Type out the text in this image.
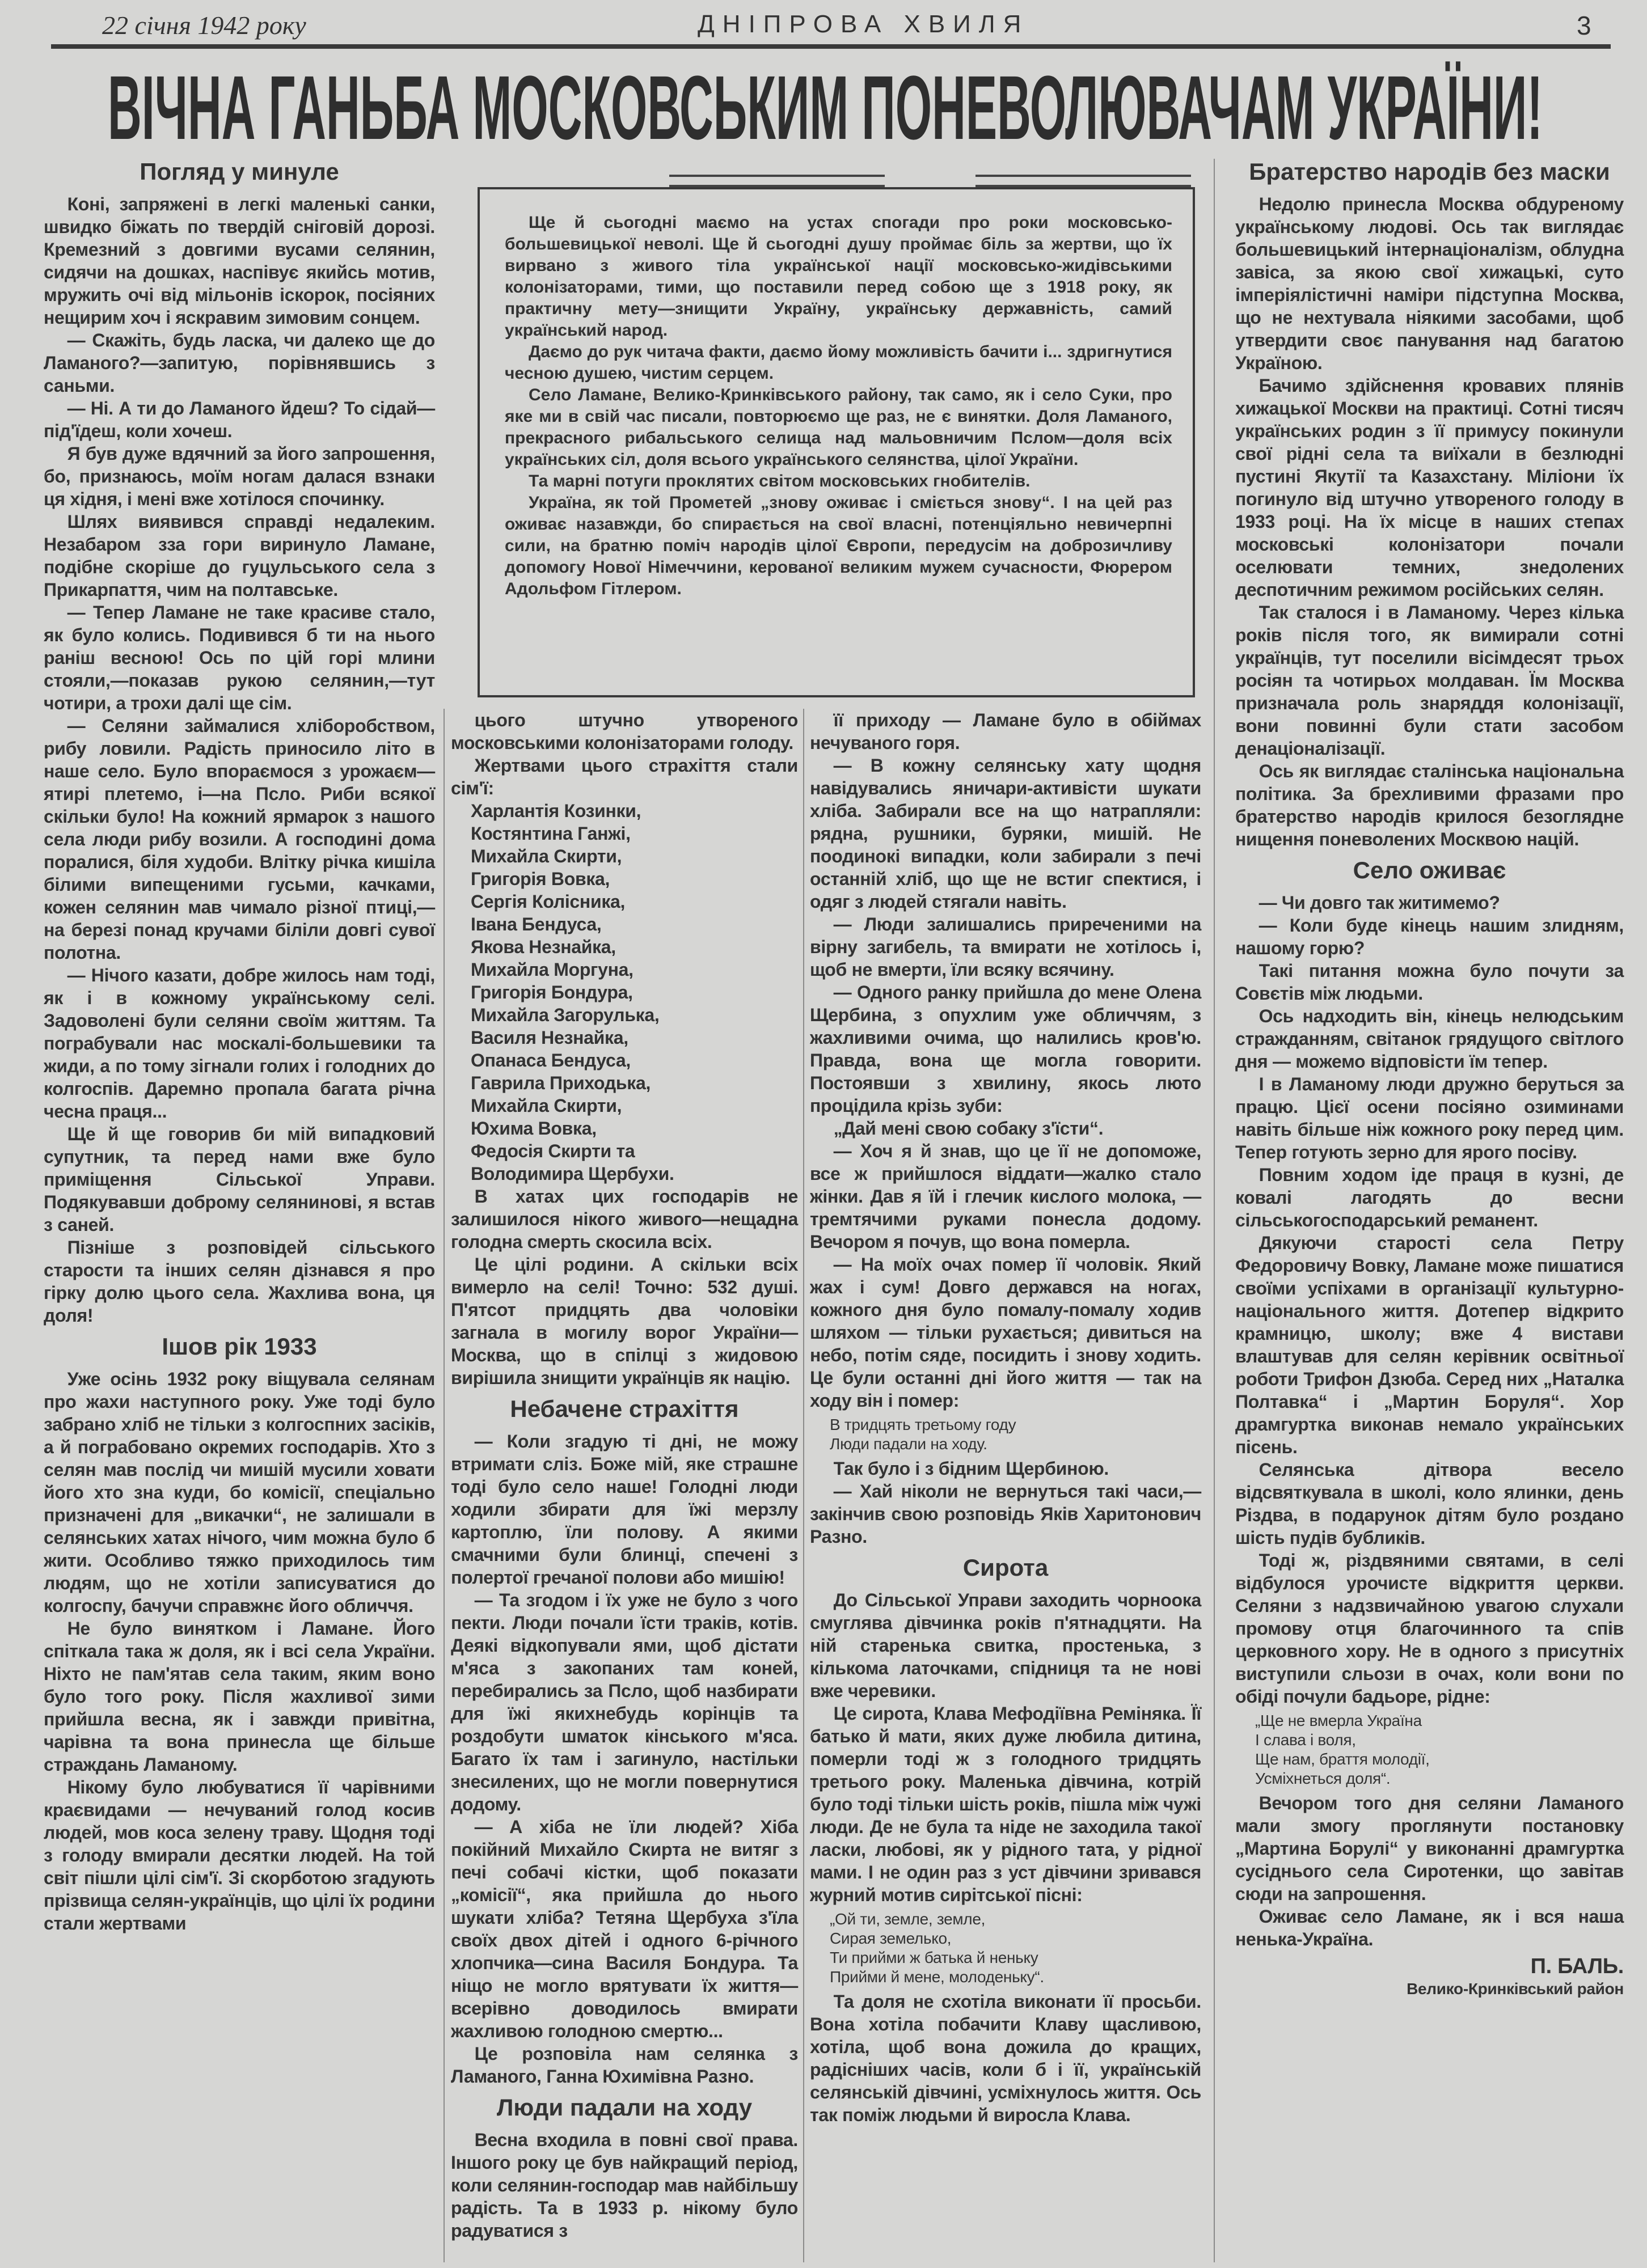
22 січня 1942 року	ДНІПРОВА ХВИЛЯ	3
ВІЧНА ГАНЬБА МОСКОВСЬКИМ ПОНЕВОЛЮВАЧАМ УКРАЇНИ!

Ще й сьогодні маємо на устах спогади про роки московсько-большевицької неволі. Ще й сьогодні душу проймає біль за жертви, що їх вирвано з живого тіла української нації московсько-жидівськими колонізаторами, тими, що поставили перед собою ще з 1918 року, як практичну мету—знищити Україну, українську державність, самий український народ.

Даємо до рук читача факти, даємо йому можливість бачити і... здригнутися чесною душею, чистим серцем.

Село Ламане, Велико-Кринківського району, так само, як і село Суки, про яке ми в свій час писали, повторюємо ще раз, не є винятки. Доля Ламаного, прекрасного рибальського селища над мальовничим Пслом—доля всіх українських сіл, доля всього українського селянства, цілої України.

Та марні потуги проклятих світом московських гнобителів.

Україна, як той Прометей „знову оживає і сміється знову“. І на цей раз оживає назавжди, бо спирається на свої власні, потенціяльно невичерпні сили, на братню поміч народів цілої Європи, передусім на доброзичливу допомогу Нової Німеччини, керованої великим мужем сучасности, Фюрером Адольфом Гітлером.

Погляд у минуле

Коні, запряжені в легкі маленькі санки, швидко біжать по твердій сніговій дорозі. Кремезний з довгими вусами селянин, сидячи на дошках, наспівує якийсь мотив, мружить очі від мільонів іскорок, посіяних нещирим хоч і яскравим зимовим сонцем.

— Скажіть, будь ласка, чи далеко ще до Ламаного?—запитую, порівнявшись з саньми.

— Ні. А ти до Ламаного йдеш? То сідай—під'їдеш, коли хочеш.

Я був дуже вдячний за його запрошення, бо, признаюсь, моїм ногам далася взнаки ця хідня, і мені вже хотілося спочинку.

Шлях виявився справді недалеким. Незабаром зза гори виринуло Ламане, подібне скоріше до гуцульського села з Прикарпаття, чим на полтавське.

— Тепер Ламане не таке красиве стало, як було колись. Подивився б ти на нього раніш весною! Ось по цій горі млини стояли,—показав рукою селянин,—тут чотири, а трохи далі ще сім.

— Селяни займалися хліборобством, рибу ловили. Радість приносило літо в наше село. Було впораємося з урожаєм—ятирі плетемо, і—на Псло. Риби всякої скільки було! На кожний ярмарок з нашого села люди рибу возили. А господині дома поралися, біля худоби. Влітку річка кишіла білими випещеними гусьми, качками, кожен селянин мав чимало різної птиці,—на березі понад кручами біліли довгі сувої полотна.

— Нічого казати, добре жилось нам тоді, як і в кожному українському селі. Задоволені були селяни своїм життям. Та пограбували нас москалі-большевики та жиди, а по тому зігнали голих і голодних до колгоспів. Даремно пропала багата річна чесна праця...

Ще й ще говорив би мій випадковий супутник, та перед нами вже було приміщення Сільської Управи. Подякувавши доброму селянинові, я встав з саней.

Пізніше з розповідей сільського старости та інших селян дізнався я про гірку долю цього села. Жахлива вона, ця доля!

Ішов рік 1933

Уже осінь 1932 року віщувала селянам про жахи наступного року. Уже тоді було забрано хліб не тільки з колгоспних засіків, а й пограбовано окремих господарів. Хто з селян мав послід чи мишій мусили ховати його хто зна куди, бо комісії, спеціально призначені для „викачки“, не залишали в селянських хатах нічого, чим можна було б жити. Особливо тяжко приходилось тим людям, що не хотіли записуватися до колгоспу, бачучи справжнє його обличчя.

Не було винятком і Ламане. Його спіткала така ж доля, як і всі села України. Ніхто не пам'ятав села таким, яким воно було того року. Після жахливої зими прийшла весна, як і завжди привітна, чарівна та вона принесла ще більше страждань Ламаному.

Нікому було любуватися її чарівними краєвидами — нечуваний голод косив людей, мов коса зелену траву. Щодня тоді з голоду вмирали десятки людей. На той світ пішли цілі сім'ї. Зі скорботою згадують прізвища селян-українців, що цілі їх родини стали жертвами

цього штучно утвореного московськими колонізаторами голоду.

Жертвами цього страхіття стали сім'ї:

Харлантія Козинки,

Костянтина Ганжі,

Михайла Скирти,

Григорія Вовка,

Сергія Колісника,

Івана Бендуса,

Якова Незнайка,

Михайла Моргуна,

Григорія Бондура,

Михайла Загорулька,

Василя Незнайка,

Опанаса Бендуса,

Гаврила Приходька,

Михайла Скирти,

Юхима Вовка,

Федосія Скирти та

Володимира Щербухи.

В хатах цих господарів не залишилося нікого живого—нещадна голодна смерть скосила всіх.

Це цілі родини. А скільки всіх вимерло на селі! Точно: 532 душі. П'ятсот придцять два чоловіки загнала в могилу ворог України—Москва, що в спілці з жидовою вирішила знищити українців як націю.

Небачене страхіття

— Коли згадую ті дні, не можу втримати сліз. Боже мій, яке страшне тоді було село наше! Голодні люди ходили збирати для їжі мерзлу картоплю, їли полову. А якими смачними були блинці, спечені з полертої гречаної полови або мишію!

— Та згодом і їх уже не було з чого пекти. Люди почали їсти траків, котів. Деякі відкопували ями, щоб дістати м'яса з закопаних там коней, перебирались за Псло, щоб назбирати для їжі якихнебудь корінців та роздобути шматок кінського м'яса. Багато їх там і загинуло, настільки знесилених, що не могли повернутися додому.

— А хіба не їли людей? Хіба покійний Михайло Скирта не витяг з печі собачі кістки, щоб показати „комісії“, яка прийшла до нього шукати хліба? Тетяна Щербуха з'їла своїх двох дітей і одного 6-річного хлопчика—сина Василя Бондура. Та ніщо не могло врятувати їх життя—всерівно доводилось вмирати жахливою голодною смертю...

Це розповіла нам селянка з Ламаного, Ганна Юхимівна Разно.

Люди падали на ходу

Весна входила в повні свої права. Іншого року це був найкращий період, коли селянин-господар мав найбільшу радість. Та в 1933 р. нікому було радуватися з

її приходу — Ламане було в обіймах нечуваного горя.

— В кожну селянську хату щодня навідувались яничари-активісти шукати хліба. Забирали все на що натрапляли: рядна, рушники, буряки, мишій. Не поодинокі випадки, коли забирали з печі останній хліб, що ще не встиг спектися, і одяг з людей стягали навіть.

— Люди залишались приреченими на вірну загибель, та вмирати не хотілось і, щоб не вмерти, їли всяку всячину.

— Одного ранку прийшла до мене Олена Щербина, з опухлим уже обличчям, з жахливими очима, що налились кров'ю. Правда, вона ще могла говорити. Постоявши з хвилину, якось люто процідила крізь зуби:

„Дай мені свою собаку з'їсти“.

— Хоч я й знав, що це її не допоможе, все ж прийшлося віддати—жалко стало жінки. Дав я їй і глечик кислого молока, — тремтячими руками понесла додому. Вечором я почув, що вона померла.

— На моїх очах помер її чоловік. Який жах і сум! Довго держався на ногах, кожного дня було помалу-помалу ходив шляхом — тільки рухається; дивиться на небо, потім сяде, посидить і знову ходить. Це були останні дні його життя — так на ходу він і помер:

В тридцять третьому году
Люди падали на ходу.

Так було і з бідним Щербиною.

— Хай ніколи не вернуться такі часи,—закінчив свою розповідь Яків Харитонович Разно.

Сирота

До Сільської Управи заходить чорноока смуглява дівчинка років п'ятнадцяти. На ній старенька свитка, простенька, з кількома латочками, спідниця та не нові вже черевики.

Це сирота, Клава Мефодіївна Реміняка. Її батько й мати, яких дуже любила дитина, померли тоді ж з голодного тридцять третього року. Маленька дівчина, котрій було тоді тільки шість років, пішла між чужі люди. Де не була та ніде не заходила такої ласки, любові, як у рідного тата, у рідної мами. І не один раз з уст дівчини зривався журний мотив сирітської пісні:

„Ой ти, земле, земле,
Сирая земелько,
Ти прийми ж батька й неньку
Прийми й мене, молоденьку“.

Та доля не схотіла виконати її просьби. Вона хотіла побачити Клаву щасливою, хотіла, щоб вона дожила до кращих, радісніших часів, коли б і її, українській селянській дівчині, усміхнулось життя. Ось так поміж людьми й виросла Клава.

Братерство народів без маски

Недолю принесла Москва обдуреному українському людові. Ось так виглядає большевицький інтернаціоналізм, облудна завіса, за якою свої хижацькі, суто імперіялістичні наміри підступна Москва, що не нехтувала ніякими засобами, щоб утвердити своє панування над багатою Україною.

Бачимо здійснення кровавих плянів хижацької Москви на практиці. Сотні тисяч українських родин з її примусу покинули свої рідні села та виїхали в безлюдні пустині Якутії та Казахстану. Міліони їх погинуло від штучно утвореного голоду в 1933 році. На їх місце в наших степах московські колонізатори почали оселювати темних, знедолених деспотичним режимом російських селян.

Так сталося і в Ламаному. Через кілька років після того, як вимирали сотні українців, тут поселили вісімдесят трьох росіян та чотирьох молдаван. Їм Москва призначала роль знаряддя колонізації, вони повинні були стати засобом денаціоналізації.

Ось як виглядає сталінська національна політика. За брехливими фразами про братерство народів крилося безоглядне нищення поневолених Москвою націй.

Село оживає

— Чи довго так житимемо?

— Коли буде кінець нашим злидням, нашому горю?

Такі питання можна було почути за Совєтів між людьми.

Ось надходить він, кінець нелюдським стражданням, світанок грядущого світлого дня — можемо відповісти їм тепер.

І в Ламаному люди дружно беруться за працю. Цієї осени посіяно озиминами навіть більше ніж кожного року перед цим. Тепер готують зерно для ярого посіву.

Повним ходом іде праця в кузні, де ковалі лагодять до весни сільськогосподарський реманент.

Дякуючи старості села Петру Федоровичу Вовку, Ламане може пишатися своїми успіхами в організації культурно-національного життя. Дотепер відкрито крамницю, школу; вже 4 вистави влаштував для селян керівник освітньої роботи Трифон Дзюба. Серед них „Наталка Полтавка“ і „Мартин Боруля“. Хор драмгуртка виконав немало українських пісень.

Селянська дітвора весело відсвяткувала в школі, коло ялинки, день Різдва, в подарунок дітям було роздано шість пудів бубликів.

Тоді ж, різдвяними святами, в селі відбулося урочисте відкриття церкви. Селяни з надзвичайною увагою слухали промову отця благочинного та спів церковного хору. Не в одного з присутніх виступили сльози в очах, коли вони по обіді почули бадьоре, рідне:

„Ще не вмерла Україна
І слава і воля,
Ще нам, браття молодії,
Усміхнеться доля“.

Вечором того дня селяни Ламаного мали змогу проглянути постановку „Мартина Борулі“ у виконанні драмгуртка сусіднього села Сиротенки, що завітав сюди на запрошення.

Оживає село Ламане, як і вся наша ненька-Україна.

П. БАЛЬ.

Велико-Кринківський район
